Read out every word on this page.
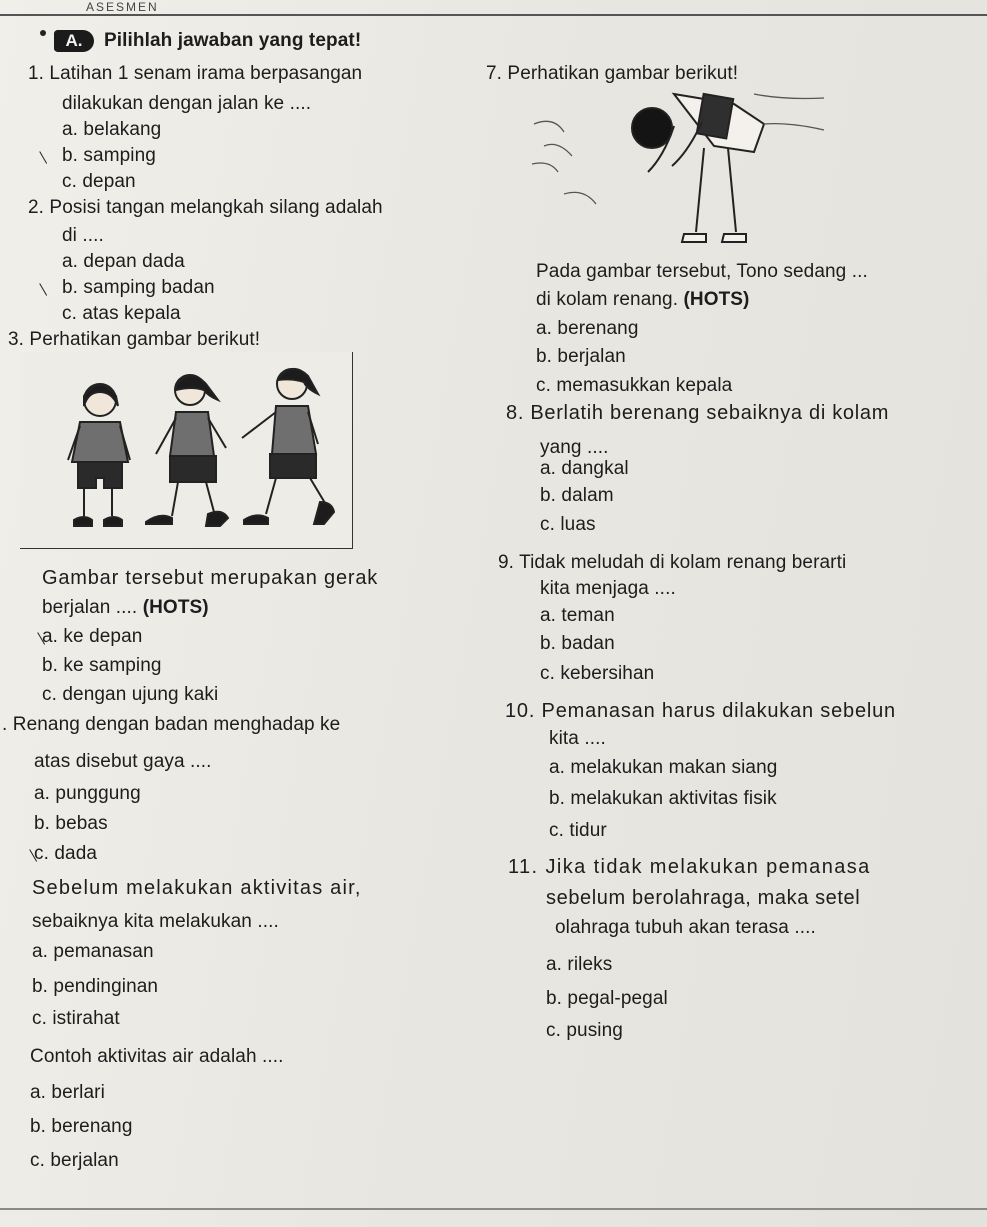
ASESMEN
A.	Pilihlah jawaban yang tepat!
1. Latihan 1 senam irama berpasangan
dilakukan dengan jalan ke ....
a. belakang
b. samping
c. depan
2. Posisi tangan melangkah silang adalah
di ....
a. depan dada
b. samping badan
c. atas kepala
3. Perhatikan gambar berikut!
Gambar tersebut merupakan gerak
berjalan .... (HOTS)
a. ke depan
b. ke samping
c. dengan ujung kaki
. Renang dengan badan menghadap ke
atas disebut gaya ....
a. punggung
b. bebas
c. dada
Sebelum melakukan aktivitas air,
sebaiknya kita melakukan ....
a. pemanasan
b. pendinginan
c. istirahat
Contoh aktivitas air adalah ....
a. berlari
b. berenang
c. berjalan
7. Perhatikan gambar berikut!
Pada gambar tersebut, Tono sedang ...
di kolam renang. (HOTS)
a. berenang
b. berjalan
c. memasukkan kepala
8. Berlatih berenang sebaiknya di kolam
yang ....
a. dangkal
b. dalam
c. luas
9. Tidak meludah di kolam renang berarti
kita menjaga ....
a. teman
b. badan
c. kebersihan
10. Pemanasan harus dilakukan sebelun
kita ....
a. melakukan makan siang
b. melakukan aktivitas fisik
c. tidur
11. Jika tidak melakukan pemanasa
sebelum berolahraga, maka setel
olahraga tubuh akan terasa ....
a. rileks
b. pegal-pegal
c. pusing
